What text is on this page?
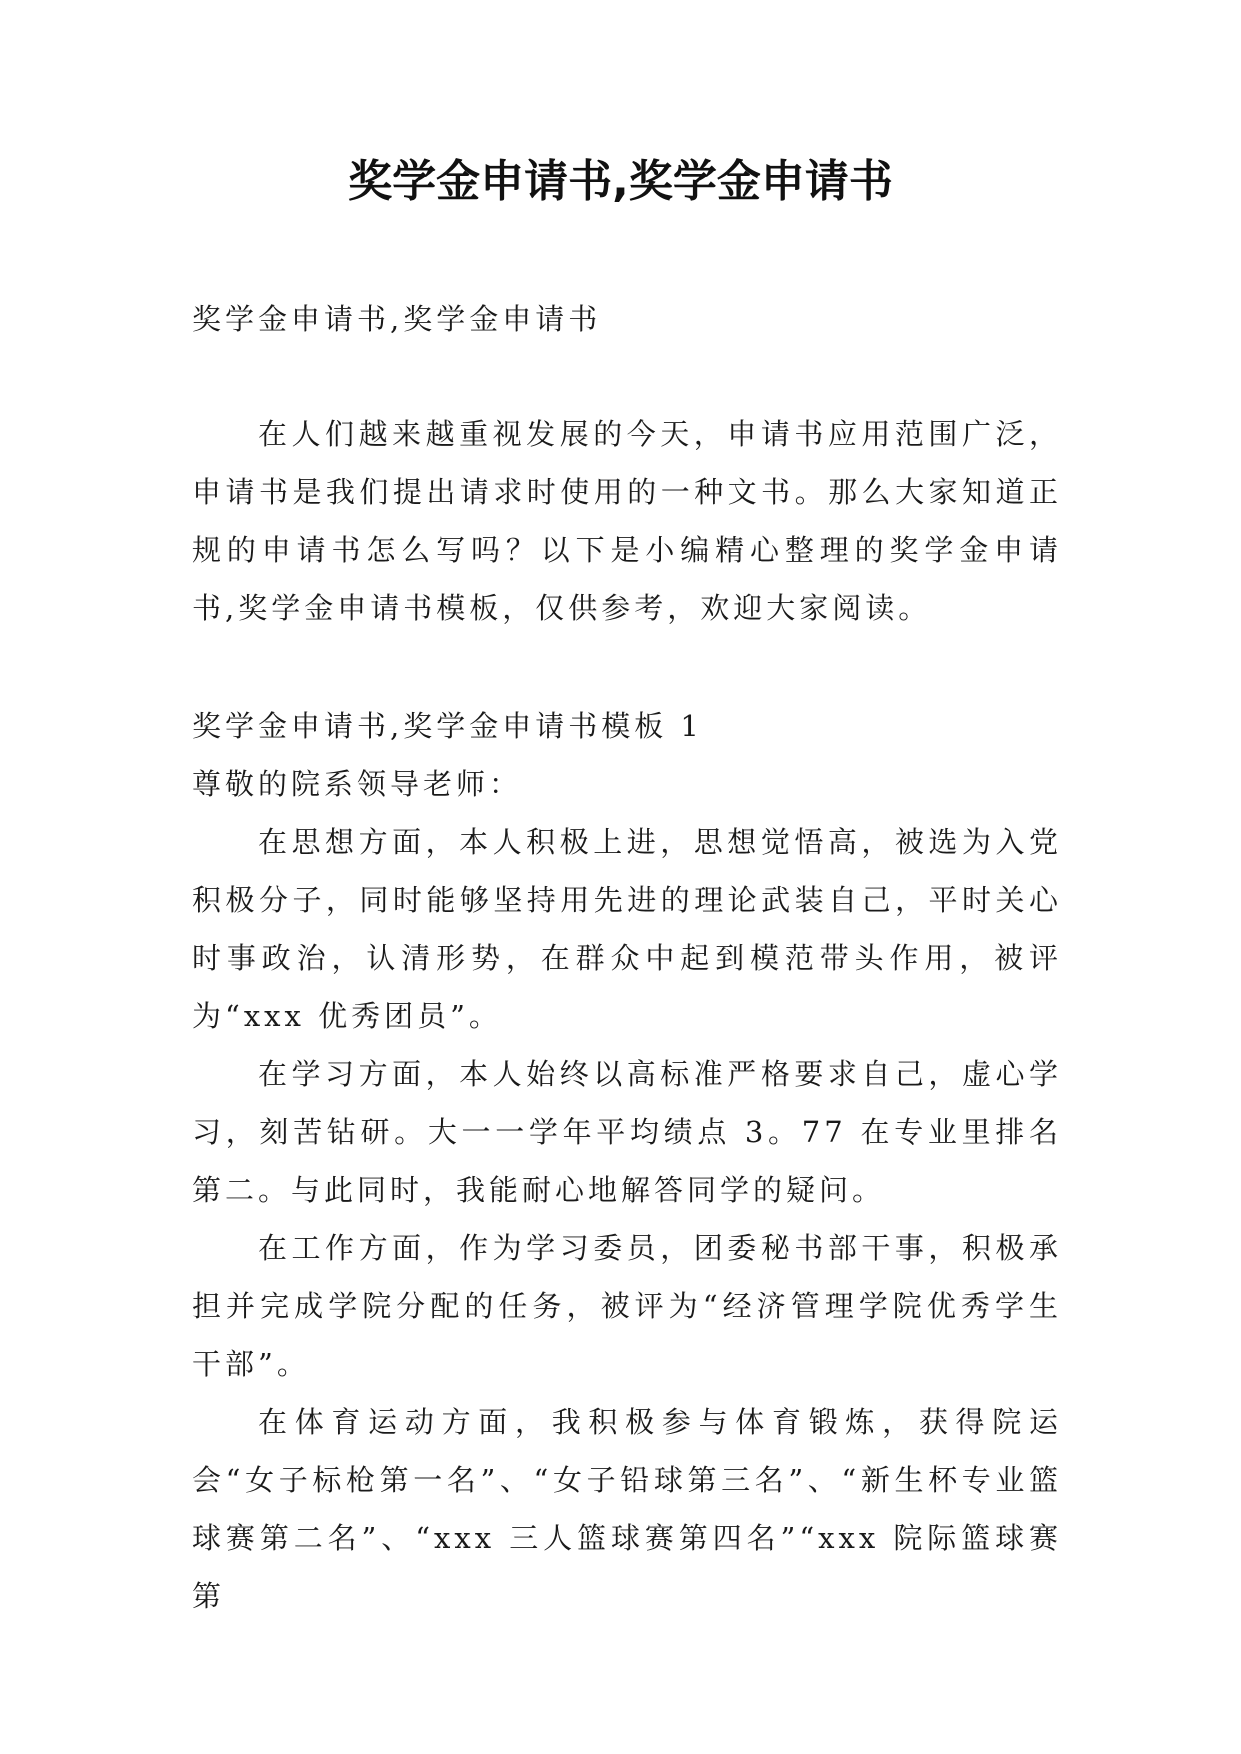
奖学金申请书,奖学金申请书

奖学金申请书,奖学金申请书

在人们越来越重视发展的今天，申请书应用范围广泛，申请书是我们提出请求时使用的一种文书。那么大家知道正规的申请书怎么写吗？以下是小编精心整理的奖学金申请书,奖学金申请书模板，仅供参考，欢迎大家阅读。

奖学金申请书,奖学金申请书模板 1

尊敬的院系领导老师：

在思想方面，本人积极上进，思想觉悟高，被选为入党积极分子，同时能够坚持用先进的理论武装自己，平时关心时事政治，认清形势，在群众中起到模范带头作用，被评为“xxx 优秀团员”。

在学习方面，本人始终以高标准严格要求自己，虚心学习，刻苦钻研。大一一学年平均绩点 3。77 在专业里排名第二。与此同时，我能耐心地解答同学的疑问。

在工作方面，作为学习委员，团委秘书部干事，积极承担并完成学院分配的任务，被评为“经济管理学院优秀学生干部”。

在体育运动方面，我积极参与体育锻炼，获得院运会“女子标枪第一名”、“女子铅球第三名”、“新生杯专业篮球赛第二名”、“xxx 三人篮球赛第四名”“xxx 院际篮球赛第
